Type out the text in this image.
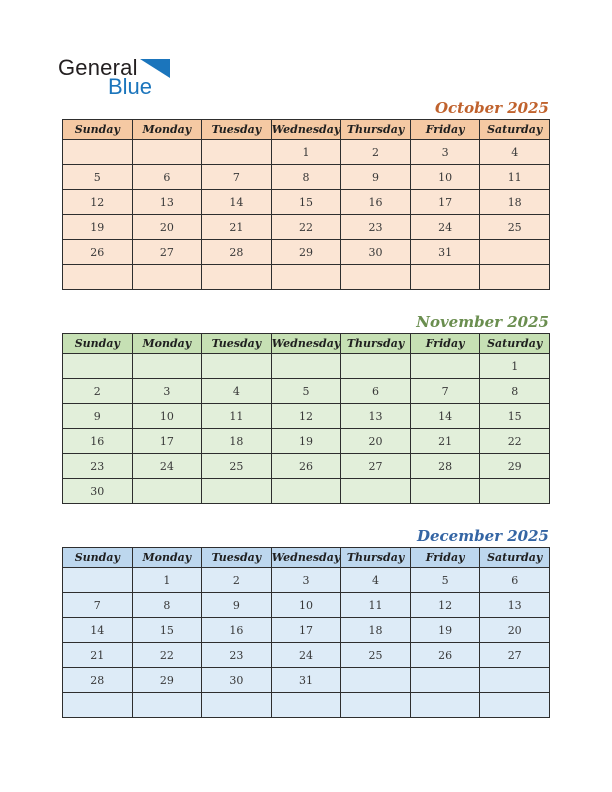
General
Blue
October 2025
Sunday	Monday	Tuesday	Wednesday	Thursday	Friday	Saturday
			1	2	3	4
5	6	7	8	9	10	11
12	13	14	15	16	17	18
19	20	21	22	23	24	25
26	27	28	29	30	31	

November 2025
Sunday	Monday	Tuesday	Wednesday	Thursday	Friday	Saturday
						1
2	3	4	5	6	7	8
9	10	11	12	13	14	15
16	17	18	19	20	21	22
23	24	25	26	27	28	29
30						
December 2025
Sunday	Monday	Tuesday	Wednesday	Thursday	Friday	Saturday
	1	2	3	4	5	6
7	8	9	10	11	12	13
14	15	16	17	18	19	20
21	22	23	24	25	26	27
28	29	30	31			
